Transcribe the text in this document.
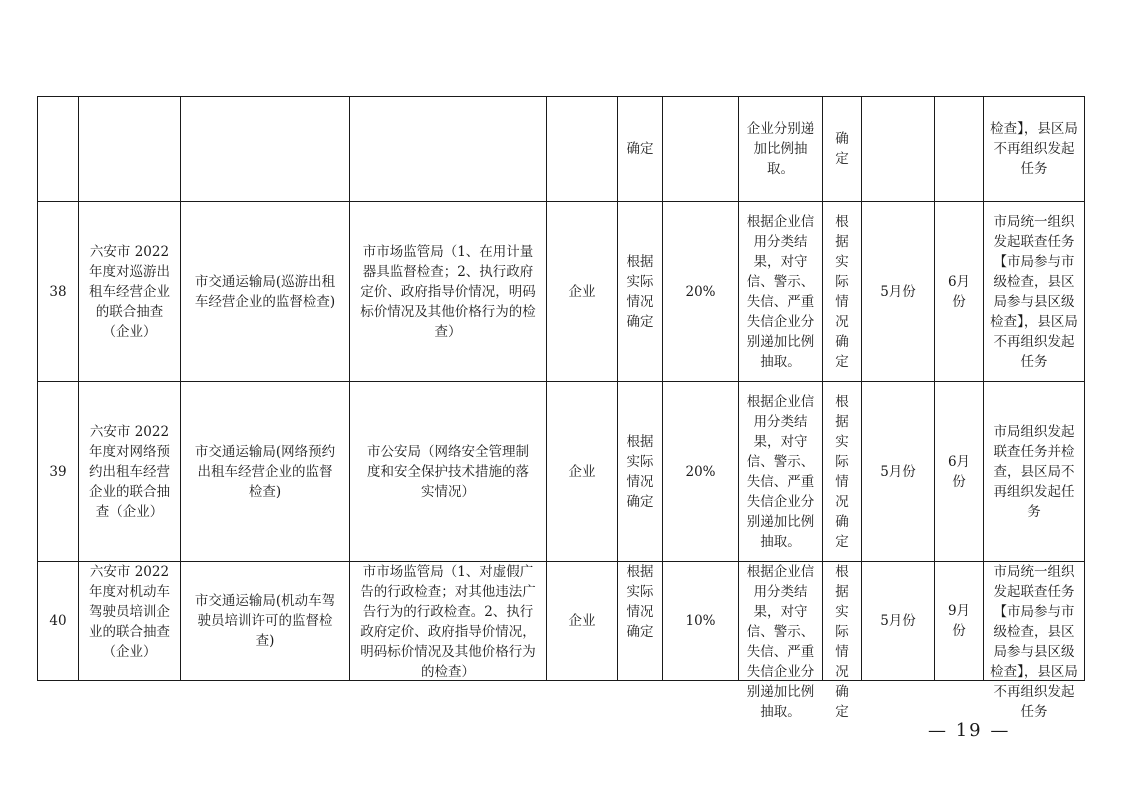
					确定		企业分别递加比例抽取。	确定			检查】，县区局不再组织发起任务

38	六安市 2022年度对巡游出租车经营企业的联合抽查（企业）	市交通运输局(巡游出租车经营企业的监督检查)	市市场监管局（1、在用计量器具监督检查；2、执行政府定价、政府指导价情况，明码标价情况及其他价格行为的检查）	企业	根据实际情况确定	20%	根据企业信用分类结果，对守信、警示、失信、严重失信企业分别递加比例抽取。	根据实际情况确定	5月份	6月份	市局统一组织发起联查任务【市局参与市级检查，县区局参与县区级检查】，县区局不再组织发起任务

39	六安市 2022年度对网络预约出租车经营企业的联合抽查（企业）	市交通运输局(网络预约出租车经营企业的监督检查)	市公安局（网络安全管理制度和安全保护技术措施的落实情况）	企业	根据实际情况确定	20%	根据企业信用分类结果，对守信、警示、失信、严重失信企业分别递加比例抽取。	根据实际情况确定	5月份	6月份	市局组织发起联查任务并检查，县区局不再组织发起任务

40	六安市 2022年度对机动车驾驶员培训企业的联合抽查（企业）	市交通运输局(机动车驾驶员培训许可的监督检查)	市市场监管局（1、对虚假广告的行政检查；对其他违法广告行为的行政检查。2、执行政府定价、政府指导价情况，明码标价情况及其他价格行为的检查）	企业	根据实际情况确定	10%	根据企业信用分类结果，对守信、警示、失信、严重失信企业分别递加比例抽取。	根据实际情况确定	5月份	9月份	市局统一组织发起联查任务【市局参与市级检查，县区局参与县区级检查】，县区局不再组织发起任务
— 19 —
